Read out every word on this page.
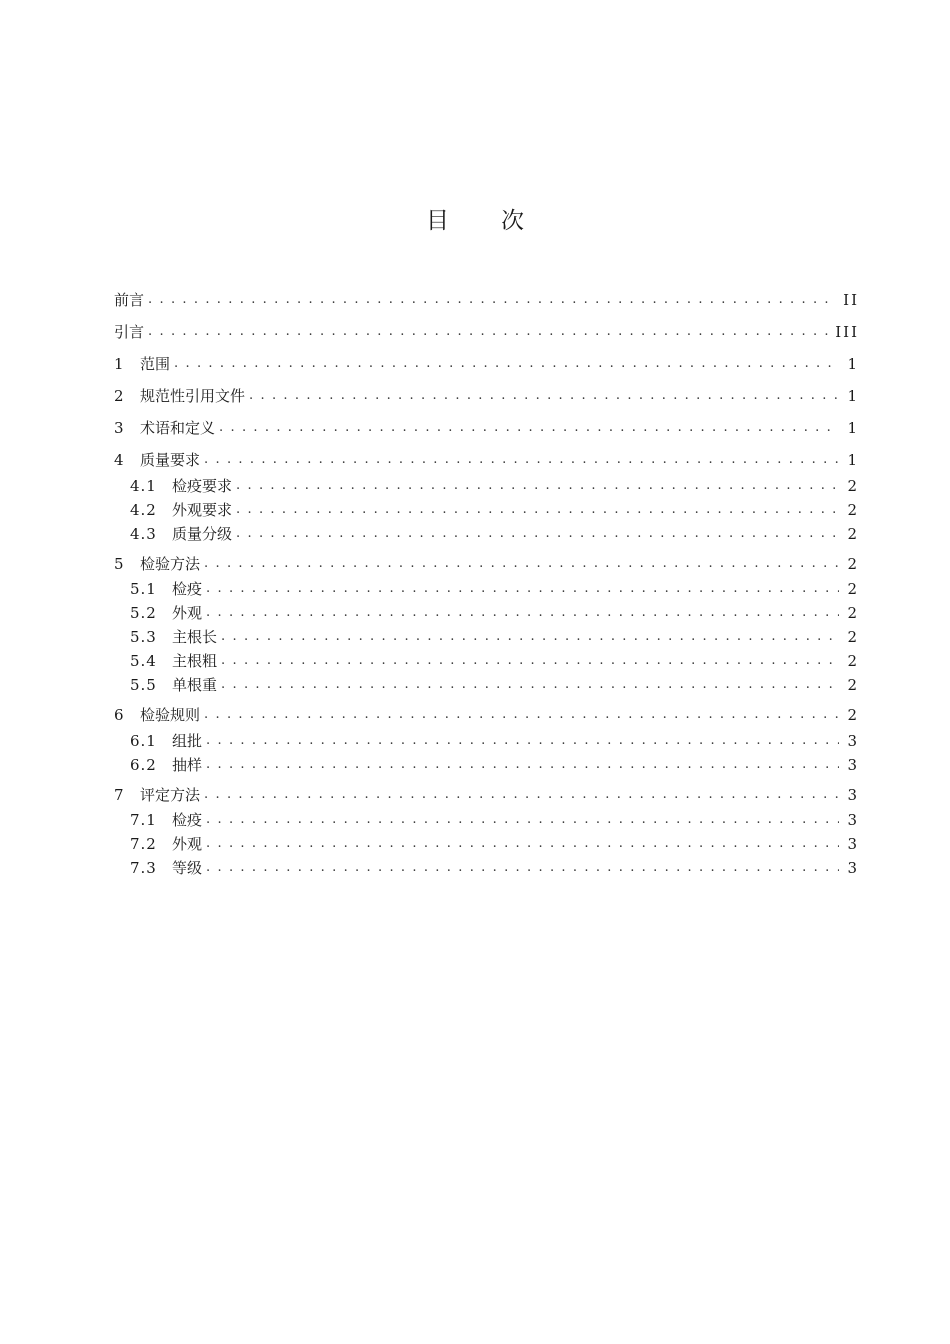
目 次
前言 . . .	II
引言 . . .	III
1	范围 . . .	1
2	规范性引用文件 . . .	1
3	术语和定义 . . .	1
4	质量要求 . . .	1
4.1	检疫要求 . . .	2
4.2	外观要求 . . .	2
4.3	质量分级 . . .	2
5	检验方法 . . .	2
5.1	检疫 . . .	2
5.2	外观 . . .	2
5.3	主根长 . . .	2
5.4	主根粗 . . .	2
5.5	单根重 . . .	2
6	检验规则 . . .	2
6.1	组批 . . .	3
6.2	抽样 . . .	3
7	评定方法 . . .	3
7.1	检疫 . . .	3
7.2	外观 . . .	3
7.3	等级 . . .	3
